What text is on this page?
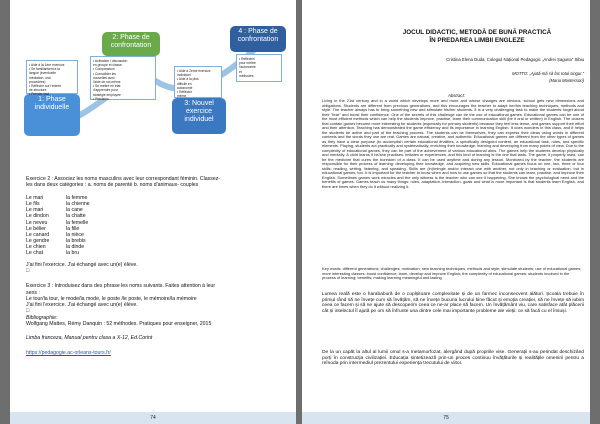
1: Phase
individuelle
• Aide à la 1ère exercice
• Se familiarisent à la
langue (éventuelle
médiation, oral
procédées)
• Réfléchir sur l'entrée
de structure
• Premier test
2: Phase de
confrontation
• Activation / discussion
en groupe et classe
• Comparaison
• Consolider les
nouvelles avec
l'aide de soi-même
• Se mettre en état
d'apprendre pour
stratégie employée
• Précision
3: Nouvel
exercice
individuel
• Aide à 2ème exercice
individuel
• Aide à la plus
difficile en
autonomie
• Réfléchir
même
4 : Phase de
confrontation
• Réfléchir/
pour mettre
l'autonomie
et
méthodes
Exercice 2 : Associez les noms masculins avec leur correspondant féminin. Classez-
les dans deux catégories : a. noms de parenté b. noms d'animaux- couples
Le mari	la femme
Le fils	la chienne
Le mari	la cane
Le dindon	la chatte
Le neveu	la femelle
Le bélier	la fille
Le canard	la nièce
Le gendre	la brebis
Le chien	la dinde
Le chat	la bru
J'ai fini l'exercice. J'ai échangé avec un(e) élève.
□
Exercice 3 : Introduisez dans des phrase les noms suivants. Faites attention à leur
sens :
Le tour/la tour, le mode/la mode, le poste /le poste, le mémoire/la mémoire
J'ai fini l'exercice. J'ai échangé avec un(e) élève.
□
Bibliographie:
Wolfgang Mattes, Rémy Danquin : 52 méthodes. Pratiques pour enseigner, 2015
Limba franceza, Manual pentru clasa a X-12, Ed.Corint
https://pedagogie.ac-orleans-tours.fr/
74
JOCUL DIDACTIC, METODĂ DE BUNĂ PRACTICĂ
ÎN PREDAREA LIMBII ENGLEZE
Cristina Elena Duda, Colegiul Național Pedagogic „Andrei Șaguna” Sibiu
MOTTO: „Ajută-mă să fac totul singur.”
(Maria Montessori)
Abstract:
Living in the 21st century and in a world which develops more and more and whose changes are obvious, school gets new dimensions and obligations. Students are different from previous generations, and this encourages the teacher to adapt her/his teaching techniques, methods and style. The teacher always has to bring something new and stimulate his/her students. It is a very challenging task to make the students forget about their "fear" and boost their confidence. One of the secrets of this challenge can be the use of educational games. Educational games can be one of the most efficient methods which can help the students improve, practise, learn their communication skill (be it oral or written) in English. The closers that contain games become more interesting for students (especially for primary students) because they feel less tense, and games support their effort and their attention. Teaching has demonstrated the game efficiency and its importance in learning English. It does wonders in this class, and it helps the students be active and part of the teaching process. The students can be themselves, they can express their ideas using words in different contexts and the words they use are real. Games are natural, creative, and authentic. Educational games are different from the other types of games as they have a clear purpose (to accomplish certain educational finalities, a specifically designed content, an educational task, rules, and specific elements. Playing, students act practically and systematically, enriching their knowledge, learning and developing from many points of view. Due to the complexity of educational games, they can be part of the achievement of various educational aims. The games help the students develop physically and mentally. A child learns if he/she practises, imitates or experiences, and this kind of learning is the one that lasts. The game, if properly used, can be the medicine that cures the boredom of a class. It can be used anytime and during any lesson. Monitored by the teacher, the students are responsible for their process of learning: developing their knowledge, and acquiring new skills. Educational games focus on one, two, three or four skills: reading, writing, listening, and speaking. Skills are (in)/mingle and/or interact one with another, not only in teaching or evaluation, but in educational games, too. It is important for the teacher to know when and how to use games so that the students can learn, practise, and improve their English. Sometimes games work miracles and the only witness is the teacher who can see it happening. She knows the psychological need and the benefits of games. Games teach us many things: rules, adaptation, interaction, goals and what is more important is that students learn English, and there are times when they do it without realizing it.
Key words: different generations; challenges; motivation; new teaching techniques, methods and style; stimulate students; use of educational games; more interesting classes; boost confidence; learn, develop and improve English; the complexity of educational games; students involved in the process of learning; benefits; making learning meaningful and lasting
Lumea reală este o harababură de o coplșitoare complexitate și de un farmec inconsecvent alături. Școala trebuie în primul rând să ne învețe cum să învățăm, să ne învețe bucuria lucrului bine făcut și emoția creației, să ne învețe să iubim ceea ce facem și să ne ajute să descoperim ceea ce ne-ar place să facem. Un învățământ viu, care satisface atât plăcerii cât și intelectul îl ajută pe om să înfrunte una dintre cele mai importante probleme ale vieții: ce să facă cu el însuși.
De la un capăt la altul al lumii omul s-a metamorfozat, alergând după propriile vise. Generații s-au perindat deschizând porți în construcția civilizației. Educația sintetizează prin-un proces continuu învățăturile și realitățile omenirii pentru a reînoda prin intermediul prezentului experiența trecutului de viitor.
75
